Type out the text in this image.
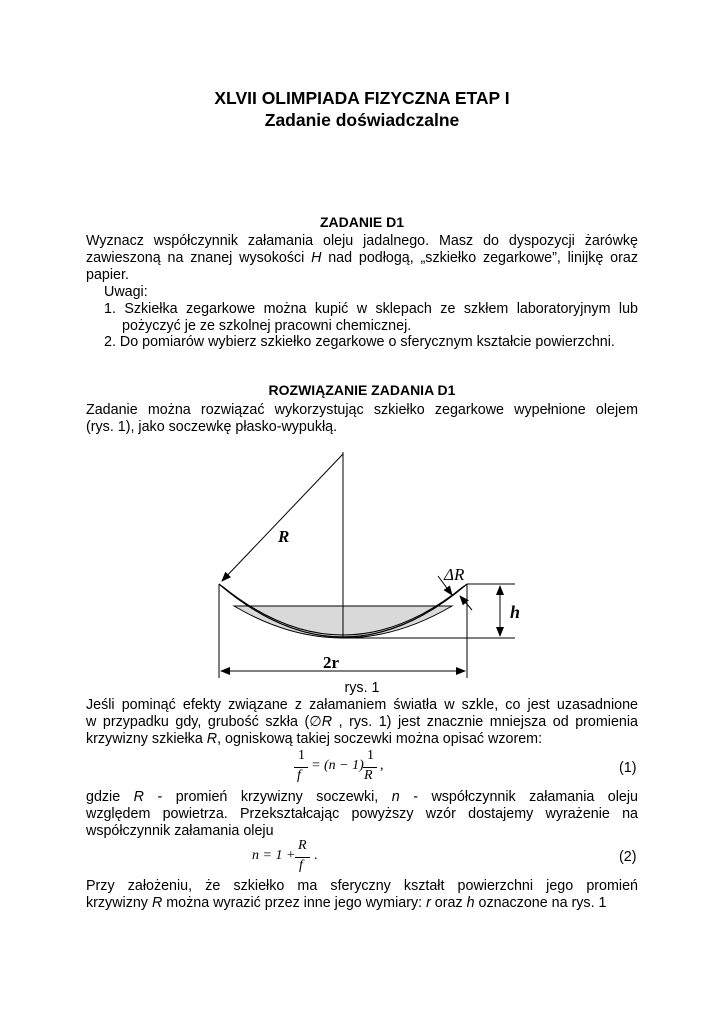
XLVII OLIMPIADA FIZYCZNA ETAP I
Zadanie doświadczalne
ZADANIE D1
Wyznacz współczynnik załamania oleju jadalnego. Masz do dyspozycji żarówkę
zawieszoną na znanej wysokości H nad podłogą, „szkiełko zegarkowe”, linijkę oraz
papier.
Uwagi:
1. Szkiełka zegarkowe można kupić w sklepach ze szkłem laboratoryjnym lub
pożyczyć je ze szkolnej pracowni chemicznej.
2. Do pomiarów wybierz szkiełko zegarkowe o sferycznym kształcie powierzchni.
ROZWIĄZANIE ZADANIA D1
Zadanie można rozwiązać wykorzystując szkiełko zegarkowe wypełnione olejem
(rys. 1), jako soczewkę płasko-wypukłą.
R
ΔR
h
2r
rys. 1
Jeśli pominąć efekty związane z załamaniem światła w szkle, co jest uzasadnione
w przypadku gdy, grubość szkła (∅R , rys. 1) jest znacznie mniejsza od promienia
krzywizny szkiełka R, ogniskową takiej soczewki można opisać wzorem:
1
f
= (n − 1)
1
R
,	(1)
gdzie R - promień krzywizny soczewki, n - współczynnik załamania oleju
względem powietrza. Przekształcając powyższy wzór dostajemy wyrażenie na
współczynnik załamania oleju
n = 1 +
R
f
.	(2)
Przy założeniu, że szkiełko ma sferyczny kształt powierzchni jego promień
krzywizny R można wyrazić przez inne jego wymiary: r oraz h oznaczone na rys. 1
